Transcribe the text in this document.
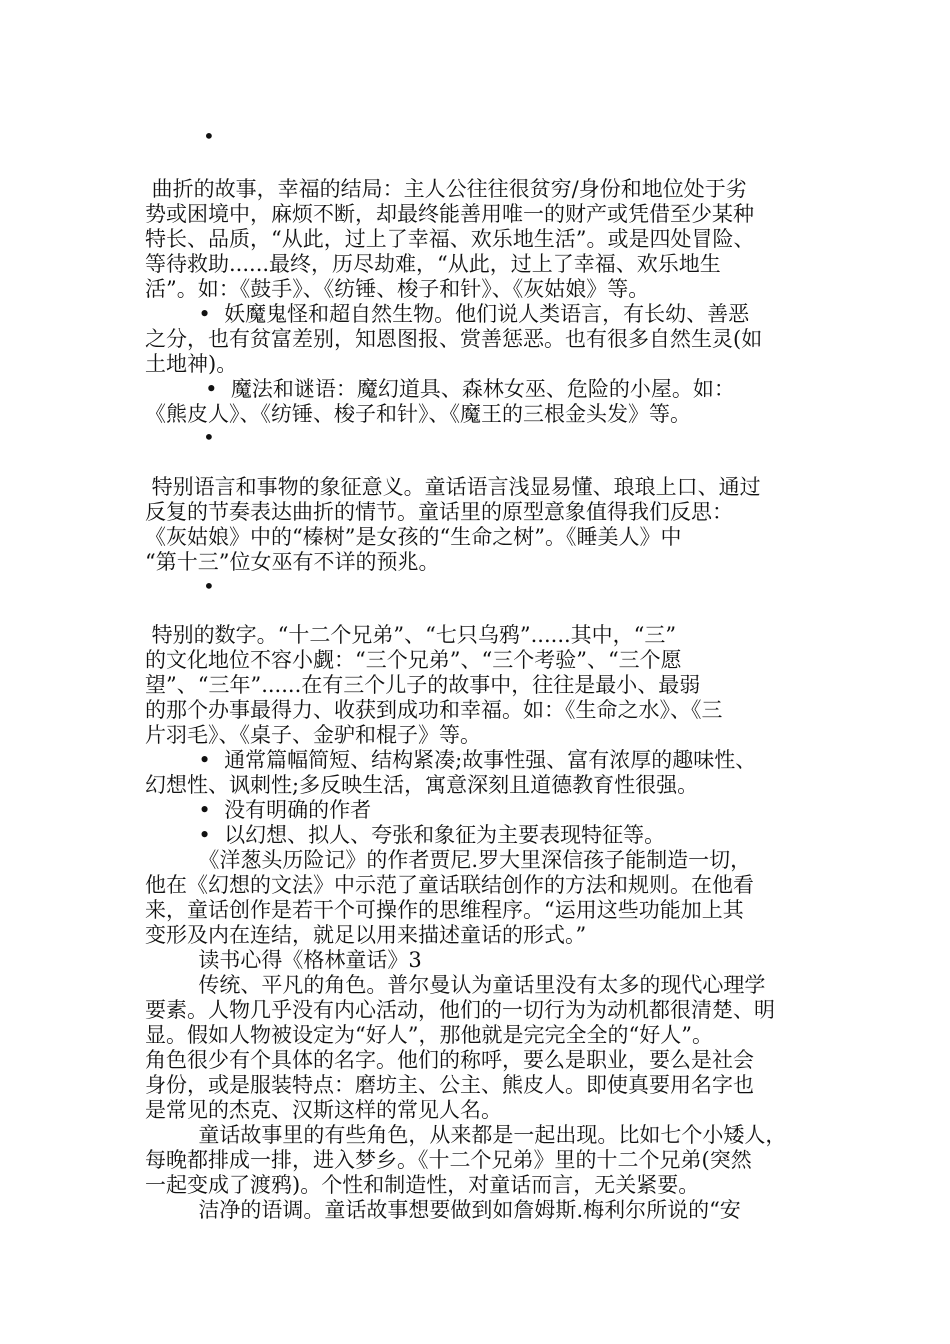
•
曲折的故事，幸福的结局：主人公往往很贫穷/身份和地位处于劣
势或困境中，麻烦不断，却最终能善用唯一的财产或凭借至少某种
特长、品质，“从此，过上了幸福、欢乐地生活”。或是四处冒险、
等待救助......最终，历尽劫难，“从此，过上了幸福、欢乐地生
活”。如：《鼓手》、《纺锤、梭子和针》、《灰姑娘》等。
•  妖魔鬼怪和超自然生物。他们说人类语言，有长幼、善恶
之分，也有贫富差别，知恩图报、赏善惩恶。也有很多自然生灵(如
土地神)。
•  魔法和谜语：魔幻道具、森林女巫、危险的小屋。如：
《熊皮人》、《纺锤、梭子和针》、《魔王的三根金头发》等。
•
特别语言和事物的象征意义。童话语言浅显易懂、琅琅上口、通过
反复的节奏表达曲折的情节。童话里的原型意象值得我们反思：
《灰姑娘》中的“榛树”是女孩的“生命之树”。《睡美人》中
“第十三”位女巫有不详的预兆。
•
特别的数字。“十二个兄弟”、“七只乌鸦”......其中，“三”
的文化地位不容小觑：“三个兄弟”、“三个考验”、“三个愿
望”、“三年”......在有三个儿子的故事中，往往是最小、最弱
的那个办事最得力、收获到成功和幸福。如：《生命之水》、《三
片羽毛》、《桌子、金驴和棍子》等。
•  通常篇幅简短、结构紧凑;故事性强、富有浓厚的趣味性、
幻想性、讽刺性;多反映生活，寓意深刻且道德教育性很强。
•  没有明确的作者
•  以幻想、拟人、夸张和象征为主要表现特征等。
《洋葱头历险记》的作者贾尼.罗大里深信孩子能制造一切，
他在《幻想的文法》中示范了童话联结创作的方法和规则。在他看
来，童话创作是若干个可操作的思维程序。“运用这些功能加上其
变形及内在连结，就足以用来描述童话的形式。”
读书心得《格林童话》3
传统、平凡的角色。普尔曼认为童话里没有太多的现代心理学
要素。人物几乎没有内心活动，他们的一切行为为动机都很清楚、明
显。假如人物被设定为“好人”，那他就是完完全全的“好人”。
角色很少有个具体的名字。他们的称呼，要么是职业，要么是社会
身份，或是服装特点：磨坊主、公主、熊皮人。即使真要用名字也
是常见的杰克、汉斯这样的常见人名。
童话故事里的有些角色，从来都是一起出现。比如七个小矮人，
每晚都排成一排，进入梦乡。《十二个兄弟》里的十二个兄弟(突然
一起变成了渡鸦)。个性和制造性，对童话而言，无关紧要。
洁净的语调。童话故事想要做到如詹姆斯.梅利尔所说的“安
